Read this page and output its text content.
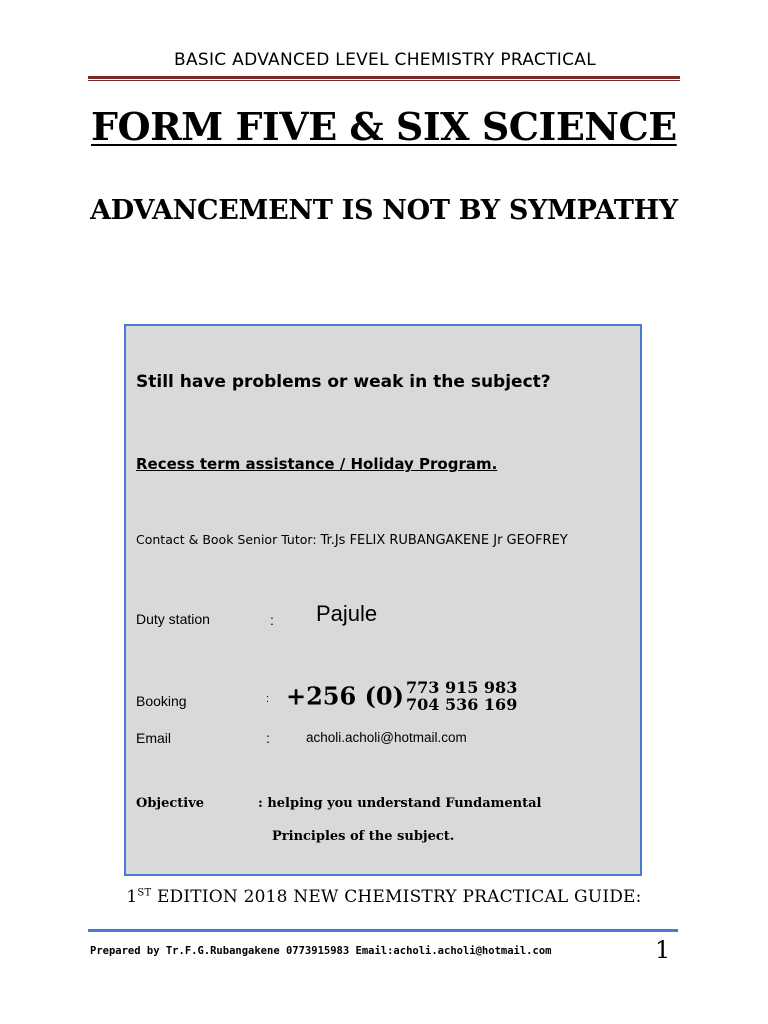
BASIC ADVANCED LEVEL CHEMISTRY PRACTICAL
FORM FIVE & SIX SCIENCE
ADVANCEMENT IS NOT BY SYMPATHY
Still have problems or weak in the subject?
Recess term assistance / Holiday Program.
Contact & Book Senior Tutor: Tr.Js FELIX RUBANGAKENE Jr GEOFREY
Duty station	: Pajule
Booking	: +256 (0) 773 915 983
704 536 169
Email	:	acholi.acholi@hotmail.com
Objective	: helping you understand Fundamental
Principles of the subject.
1ST EDITION 2018 NEW CHEMISTRY PRACTICAL GUIDE:
Prepared by Tr.F.G.Rubangakene 0773915983 Email:acholi.acholi@hotmail.com	1
